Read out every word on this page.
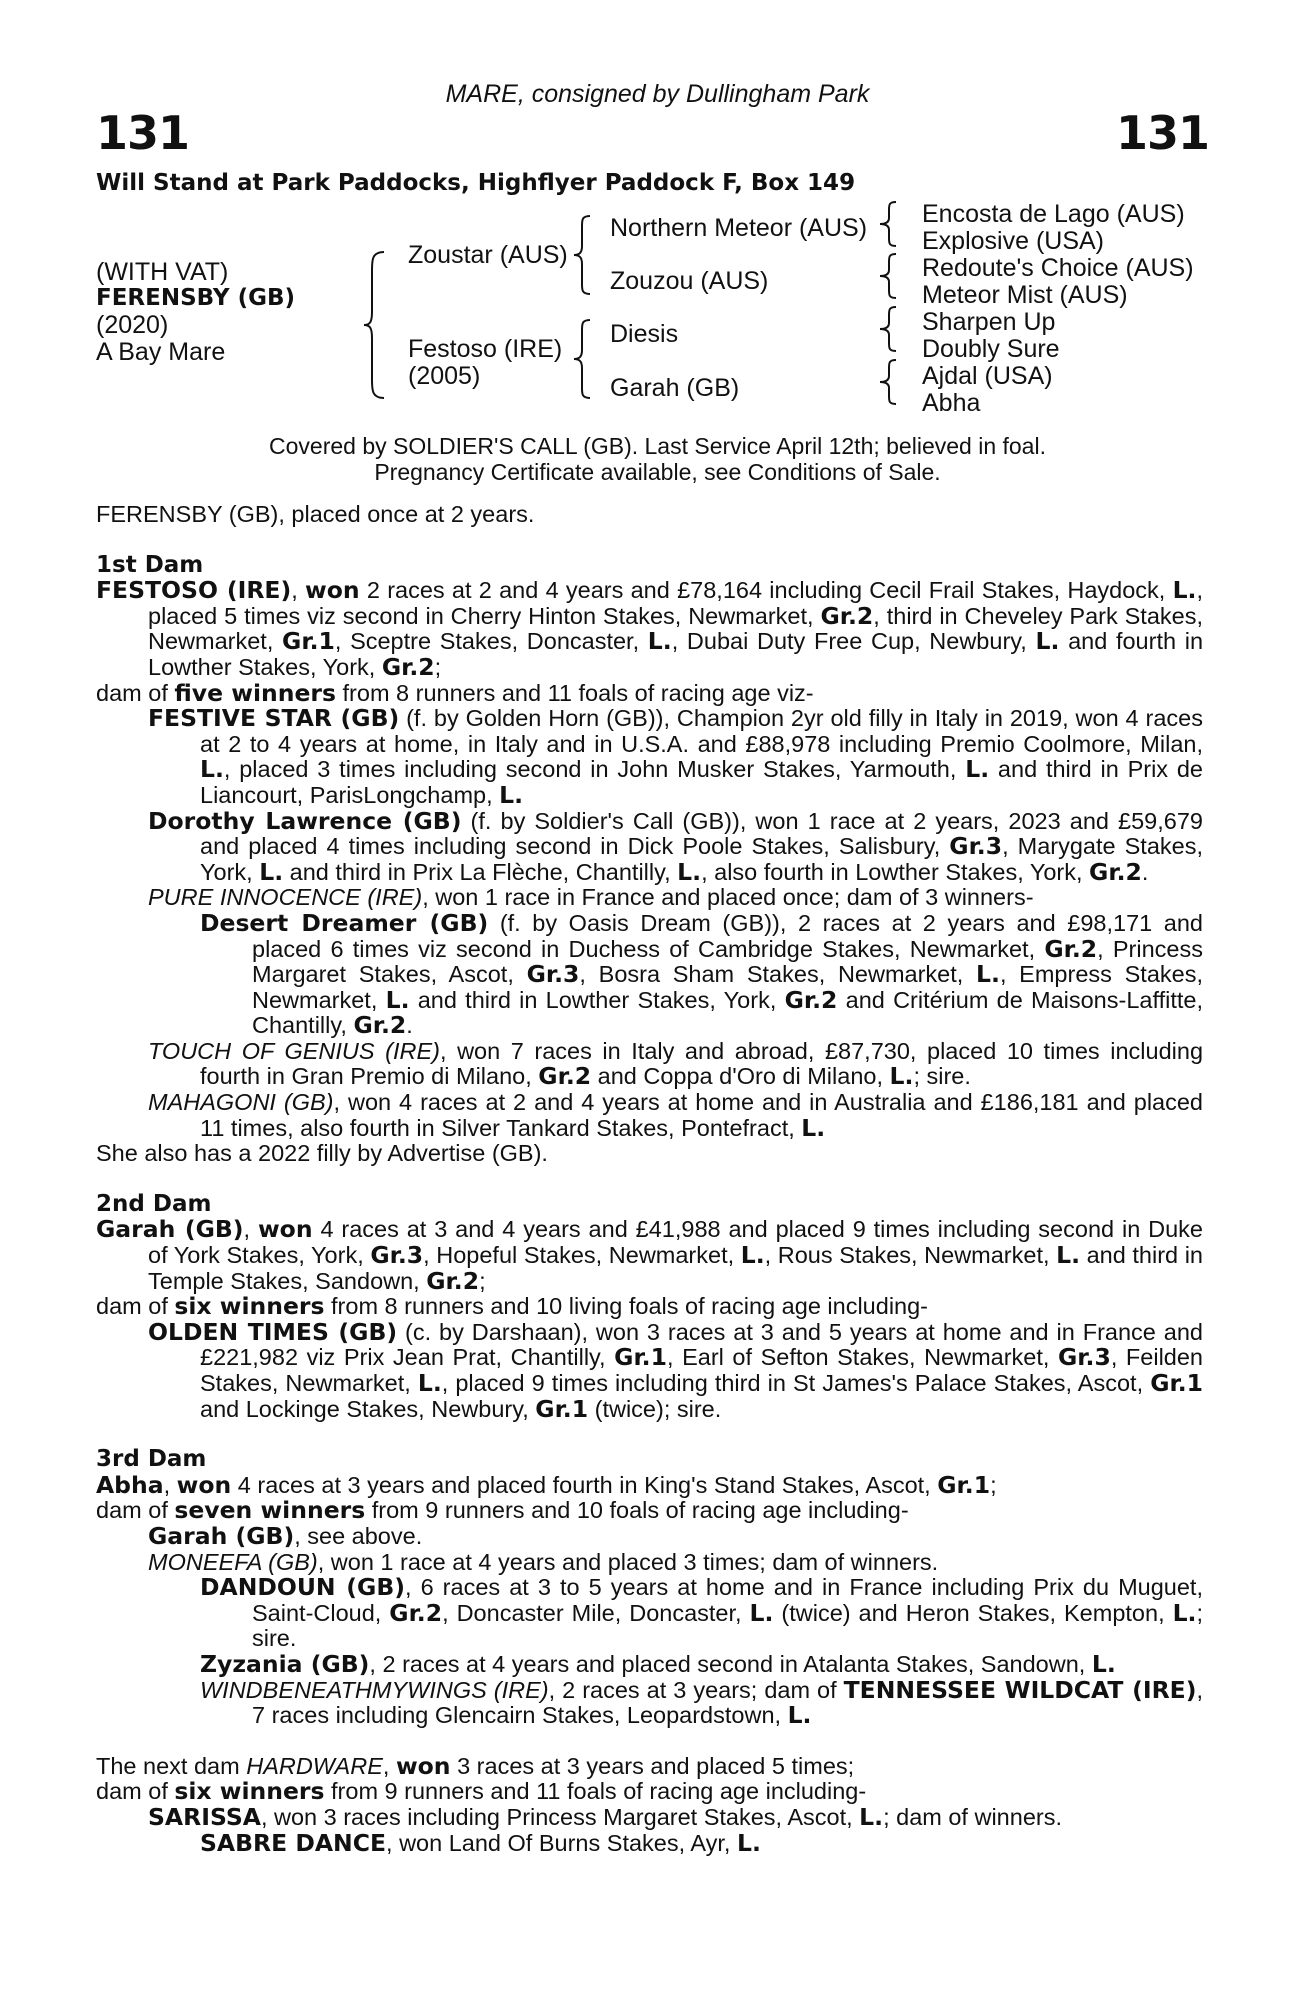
131	131
MARE, consigned by Dullingham Park
Will Stand at Park Paddocks, Highflyer Paddock F, Box 149
(WITH VAT)
FERENSBY (GB)
(2020)
A Bay Mare
Zoustar (AUS)
Festoso (IRE)
(2005)
Northern Meteor (AUS)
Zouzou (AUS)
Diesis
Garah (GB)
Encosta de Lago (AUS)
Explosive (USA)
Redoute's Choice (AUS)
Meteor Mist (AUS)
Sharpen Up
Doubly Sure
Ajdal (USA)
Abha
Covered by SOLDIER'S CALL (GB). Last Service April 12th; believed in foal.
Pregnancy Certificate available, see Conditions of Sale.

FERENSBY (GB), placed once at 2 years.

1st Dam

FESTOSO (IRE), won 2 races at 2 and 4 years and £78,164 including Cecil Frail Stakes, Haydock, L., placed 5 times viz second in Cherry Hinton Stakes, Newmarket, Gr.2, third in Cheveley Park Stakes, Newmarket, Gr.1, Sceptre Stakes, Doncaster, L., Dubai Duty Free Cup, Newbury, L. and fourth in Lowther Stakes, York, Gr.2;

dam of five winners from 8 runners and 11 foals of racing age viz-

FESTIVE STAR (GB) (f. by Golden Horn (GB)), Champion 2yr old filly in Italy in 2019, won 4 races at 2 to 4 years at home, in Italy and in U.S.A. and £88,978 including Premio Coolmore, Milan, L., placed 3 times including second in John Musker Stakes, Yarmouth, L. and third in Prix de Liancourt, ParisLongchamp, L.

Dorothy Lawrence (GB) (f. by Soldier's Call (GB)), won 1 race at 2 years, 2023 and £59,679 and placed 4 times including second in Dick Poole Stakes, Salisbury, Gr.3, Marygate Stakes, York, L. and third in Prix La Flèche, Chantilly, L., also fourth in Lowther Stakes, York, Gr.2.

PURE INNOCENCE (IRE), won 1 race in France and placed once; dam of 3 winners-

Desert Dreamer (GB) (f. by Oasis Dream (GB)), 2 races at 2 years and £98,171 and placed 6 times viz second in Duchess of Cambridge Stakes, Newmarket, Gr.2, Princess Margaret Stakes, Ascot, Gr.3, Bosra Sham Stakes, Newmarket, L., Empress Stakes, Newmarket, L. and third in Lowther Stakes, York, Gr.2 and Critérium de Maisons-Laffitte, Chantilly, Gr.2.

TOUCH OF GENIUS (IRE), won 7 races in Italy and abroad, £87,730, placed 10 times including fourth in Gran Premio di Milano, Gr.2 and Coppa d'Oro di Milano, L.; sire.

MAHAGONI (GB), won 4 races at 2 and 4 years at home and in Australia and £186,181 and placed 11 times, also fourth in Silver Tankard Stakes, Pontefract, L.

She also has a 2022 filly by Advertise (GB).

2nd Dam

Garah (GB), won 4 races at 3 and 4 years and £41,988 and placed 9 times including second in Duke of York Stakes, York, Gr.3, Hopeful Stakes, Newmarket, L., Rous Stakes, Newmarket, L. and third in Temple Stakes, Sandown, Gr.2;

dam of six winners from 8 runners and 10 living foals of racing age including-

OLDEN TIMES (GB) (c. by Darshaan), won 3 races at 3 and 5 years at home and in France and £221,982 viz Prix Jean Prat, Chantilly, Gr.1, Earl of Sefton Stakes, Newmarket, Gr.3, Feilden Stakes, Newmarket, L., placed 9 times including third in St James's Palace Stakes, Ascot, Gr.1 and Lockinge Stakes, Newbury, Gr.1 (twice); sire.

3rd Dam

Abha, won 4 races at 3 years and placed fourth in King's Stand Stakes, Ascot, Gr.1;

dam of seven winners from 9 runners and 10 foals of racing age including-

Garah (GB), see above.

MONEEFA (GB), won 1 race at 4 years and placed 3 times; dam of winners.

DANDOUN (GB), 6 races at 3 to 5 years at home and in France including Prix du Muguet, Saint-Cloud, Gr.2, Doncaster Mile, Doncaster, L. (twice) and Heron Stakes, Kempton, L.; sire.

Zyzania (GB), 2 races at 4 years and placed second in Atalanta Stakes, Sandown, L.

WINDBENEATHMYWINGS (IRE), 2 races at 3 years; dam of TENNESSEE WILDCAT (IRE), 7 races including Glencairn Stakes, Leopardstown, L.

The next dam HARDWARE, won 3 races at 3 years and placed 5 times;

dam of six winners from 9 runners and 11 foals of racing age including-

SARISSA, won 3 races including Princess Margaret Stakes, Ascot, L.; dam of winners.

SABRE DANCE, won Land Of Burns Stakes, Ayr, L.
